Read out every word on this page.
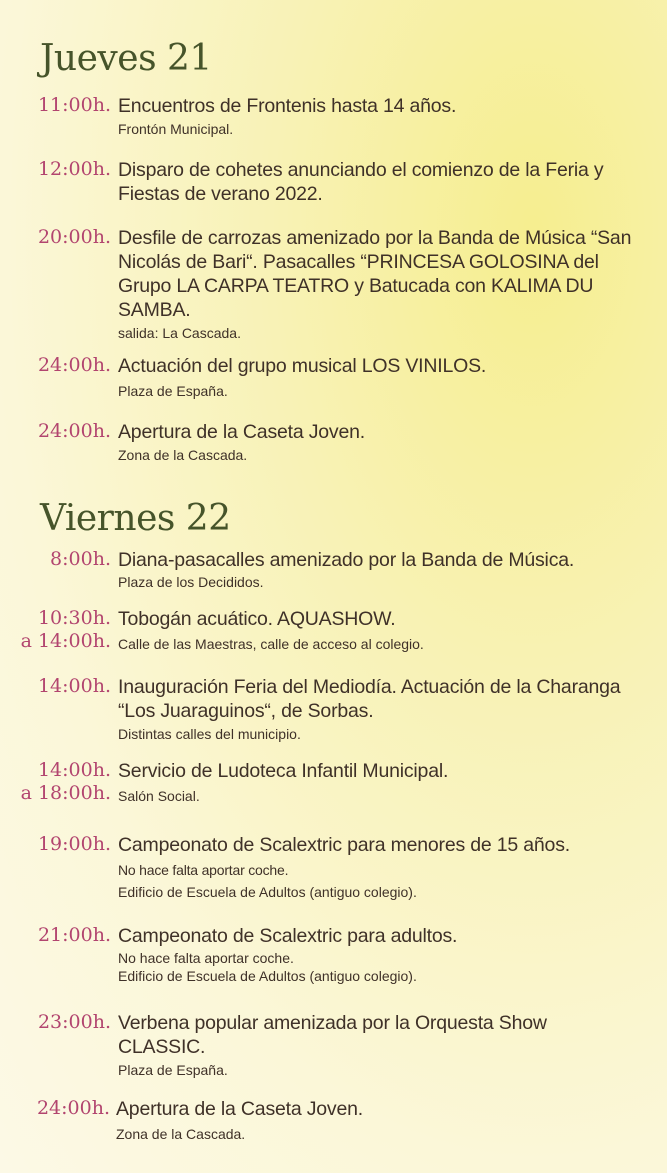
Jueves 21
11:00h. Encuentros de Frontenis hasta 14 años.
Frontón Municipal.
12:00h. Disparo de cohetes anunciando el comienzo de la Feria y Fiestas de verano 2022.
20:00h. Desfile de carrozas amenizado por la Banda de Música “San Nicolás de Bari“. Pasacalles “PRINCESA GOLOSINA del Grupo LA CARPA TEATRO y Batucada con KALIMA DU SAMBA.
salida: La Cascada.
24:00h. Actuación del grupo musical LOS VINILOS.
Plaza de España.
24:00h. Apertura de la Caseta Joven.
Zona de la Cascada.
Viernes 22
8:00h. Diana-pasacalles amenizado por la Banda de Música.
Plaza de los Decididos.
10:30h.
a 14:00h.
Tobogán acuático. AQUASHOW.
Calle de las Maestras, calle de acceso al colegio.
14:00h. Inauguración Feria del Mediodía. Actuación de la Charanga “Los Juaraguinos“, de Sorbas.
Distintas calles del municipio.
14:00h.
a 18:00h.
Servicio de Ludoteca Infantil Municipal.
Salón Social.
19:00h. Campeonato de Scalextric para menores de 15 años. No hace falta aportar coche.
Edificio de Escuela de Adultos (antiguo colegio).
21:00h. Campeonato de Scalextric para adultos.
No hace falta aportar coche.
Edificio de Escuela de Adultos (antiguo colegio).
23:00h. Verbena popular amenizada por la Orquesta Show CLASSIC.
Plaza de España.
24:00h. Apertura de la Caseta Joven.
Zona de la Cascada.
